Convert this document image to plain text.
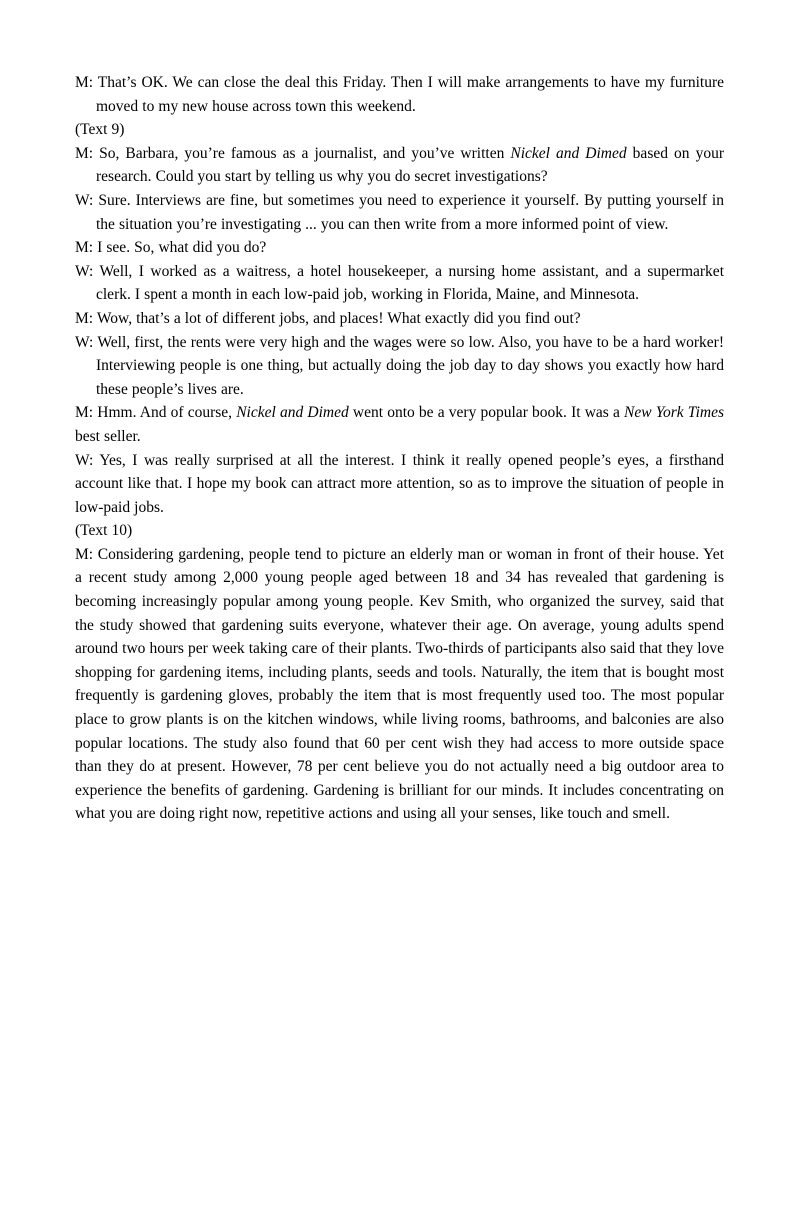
M: That’s OK. We can close the deal this Friday. Then I will make arrangements to have my furniture moved to my new house across town this weekend.

(Text 9)

M: So, Barbara, you’re famous as a journalist, and you’ve written Nickel and Dimed based on your research. Could you start by telling us why you do secret investigations?

W: Sure. Interviews are fine, but sometimes you need to experience it yourself. By putting yourself in the situation you’re investigating ... you can then write from a more informed point of view.

M: I see. So, what did you do?

W: Well, I worked as a waitress, a hotel housekeeper, a nursing home assistant, and a supermarket clerk. I spent a month in each low-paid job, working in Florida, Maine, and Minnesota.

M: Wow, that’s a lot of different jobs, and places! What exactly did you find out?

W: Well, first, the rents were very high and the wages were so low. Also, you have to be a hard worker! Interviewing people is one thing, but actually doing the job day to day shows you exactly how hard these people’s lives are.

M: Hmm. And of course, Nickel and Dimed went onto be a very popular book. It was a New York Times best seller.

W: Yes, I was really surprised at all the interest. I think it really opened people’s eyes, a firsthand account like that. I hope my book can attract more attention, so as to improve the situation of people in low-paid jobs.

(Text 10)

M: Considering gardening, people tend to picture an elderly man or woman in front of their house. Yet a recent study among 2,000 young people aged between 18 and 34 has revealed that gardening is becoming increasingly popular among young people. Kev Smith, who organized the survey, said that the study showed that gardening suits everyone, whatever their age. On average, young adults spend around two hours per week taking care of their plants. Two-thirds of participants also said that they love shopping for gardening items, including plants, seeds and tools. Naturally, the item that is bought most frequently is gardening gloves, probably the item that is most frequently used too. The most popular place to grow plants is on the kitchen windows, while living rooms, bathrooms, and balconies are also popular locations. The study also found that 60 per cent wish they had access to more outside space than they do at present. However, 78 per cent believe you do not actually need a big outdoor area to experience the benefits of gardening. Gardening is brilliant for our minds. It includes concentrating on what you are doing right now, repetitive actions and using all your senses, like touch and smell.
